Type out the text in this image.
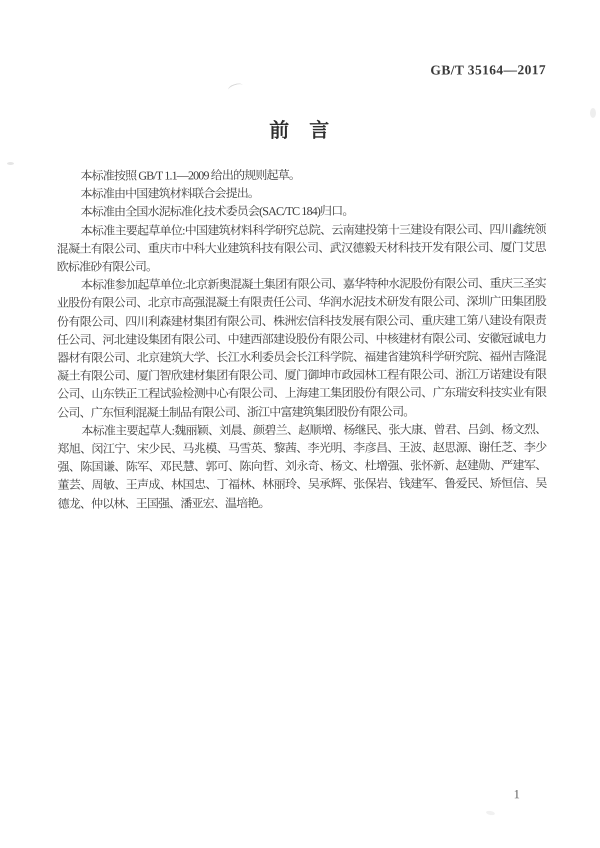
GB/T 35164—2017
前　言

本标准按照 GB/T 1.1—2009 给出的规则起草。

本标准由中国建筑材料联合会提出。

本标准由全国水泥标准化技术委员会(SAC/TC 184)归口。

本标准主要起草单位:中国建筑材料科学研究总院、云南建投第十三建设有限公司、四川鑫统领混凝土有限公司、重庆市中科大业建筑科技有限公司、武汉德毅天材科技开发有限公司、厦门艾思欧标准砂有限公司。

本标准参加起草单位:北京新奥混凝土集团有限公司、嘉华特种水泥股份有限公司、重庆三圣实业股份有限公司、北京市高强混凝土有限责任公司、华润水泥技术研发有限公司、深圳广田集团股份有限公司、四川利森建材集团有限公司、株洲宏信科技发展有限公司、重庆建工第八建设有限责任公司、河北建设集团有限公司、中建西部建设股份有限公司、中核建材有限公司、安徽冠诚电力器材有限公司、北京建筑大学、长江水利委员会长江科学院、福建省建筑科学研究院、福州吉隆混凝土有限公司、厦门智欣建材集团有限公司、厦门御坤市政园林工程有限公司、浙江万诺建设有限公司、山东铁正工程试验检测中心有限公司、上海建工集团股份有限公司、广东瑞安科技实业有限公司、广东恒利混凝土制品有限公司、浙江中富建筑集团股份有限公司。

本标准主要起草人:魏丽颖、刘晨、颜碧兰、赵顺增、杨继民、张大康、曾君、吕剑、杨文烈、郑旭、闵江宁、宋少民、马兆模、马雪英、黎茜、李光明、李彦昌、王波、赵思源、谢任芝、李少强、陈国谦、陈军、邓民慧、郭可、陈向哲、刘永奇、杨文、杜增强、张怀新、赵建勋、严建军、董芸、周敏、王声成、林国忠、丁福林、林丽玲、吴承辉、张保岩、钱建军、鲁爱民、矫恒信、吴德龙、仲以林、王国强、潘亚宏、温培艳。

1
